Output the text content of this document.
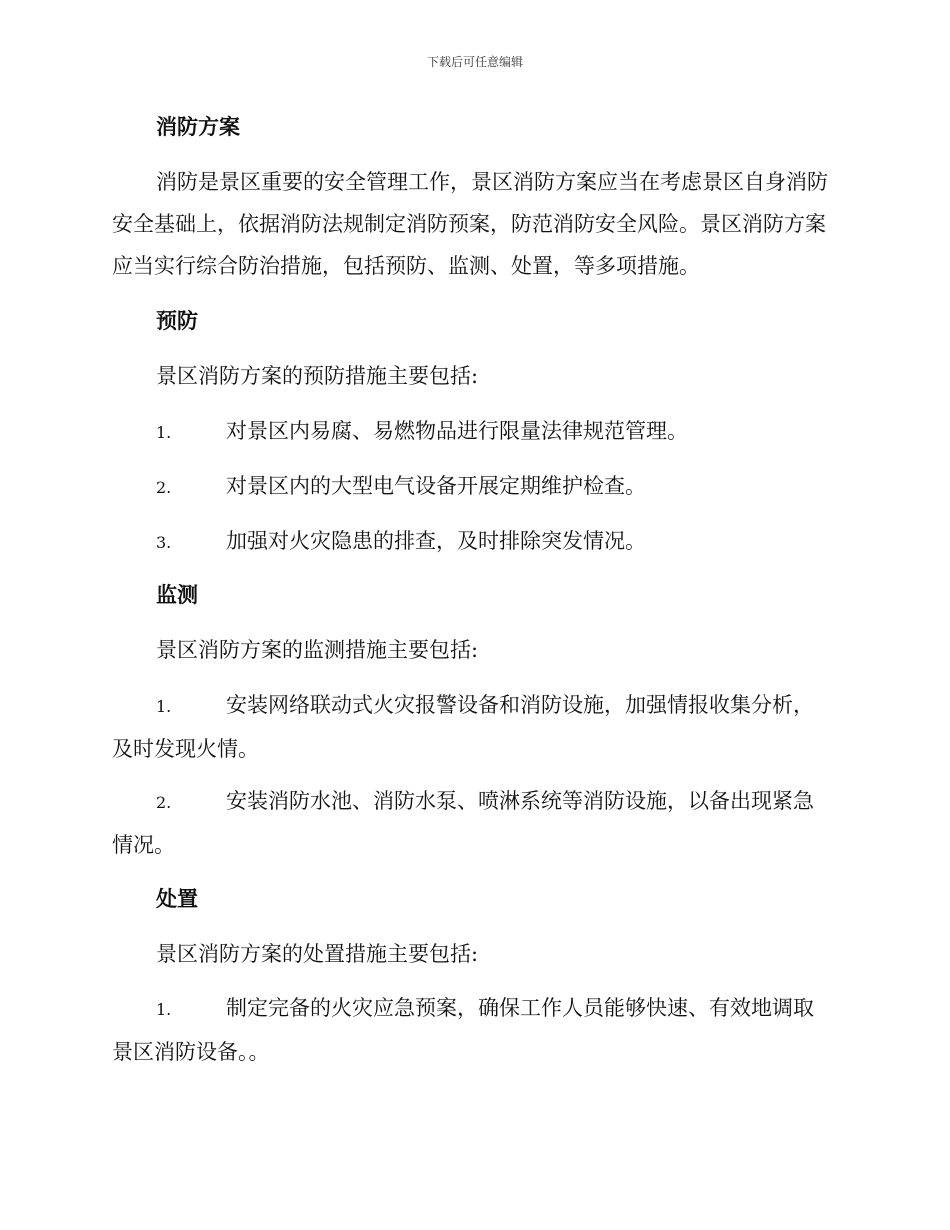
下载后可任意编辑
消防方案

消防是景区重要的安全管理工作，景区消防方案应当在考虑景区自身消防安全基础上，依据消防法规制定消防预案，防范消防安全风险。景区消防方案应当实行综合防治措施，包括预防、监测、处置，等多项措施。

预防
景区消防方案的预防措施主要包括:

1.	对景区内易腐、易燃物品进行限量法律规范管理。

2.	对景区内的大型电气设备开展定期维护检查。

3.	加强对火灾隐患的排查，及时排除突发情况。

监测
景区消防方案的监测措施主要包括:

1.	安装网络联动式火灾报警设备和消防设施，加强情报收集分析，及时发现火情。

2.	安装消防水池、消防水泵、喷淋系统等消防设施，以备出现紧急情况。

处置
景区消防方案的处置措施主要包括:

1.	制定完备的火灾应急预案，确保工作人员能够快速、有效地调取景区消防设备。。
